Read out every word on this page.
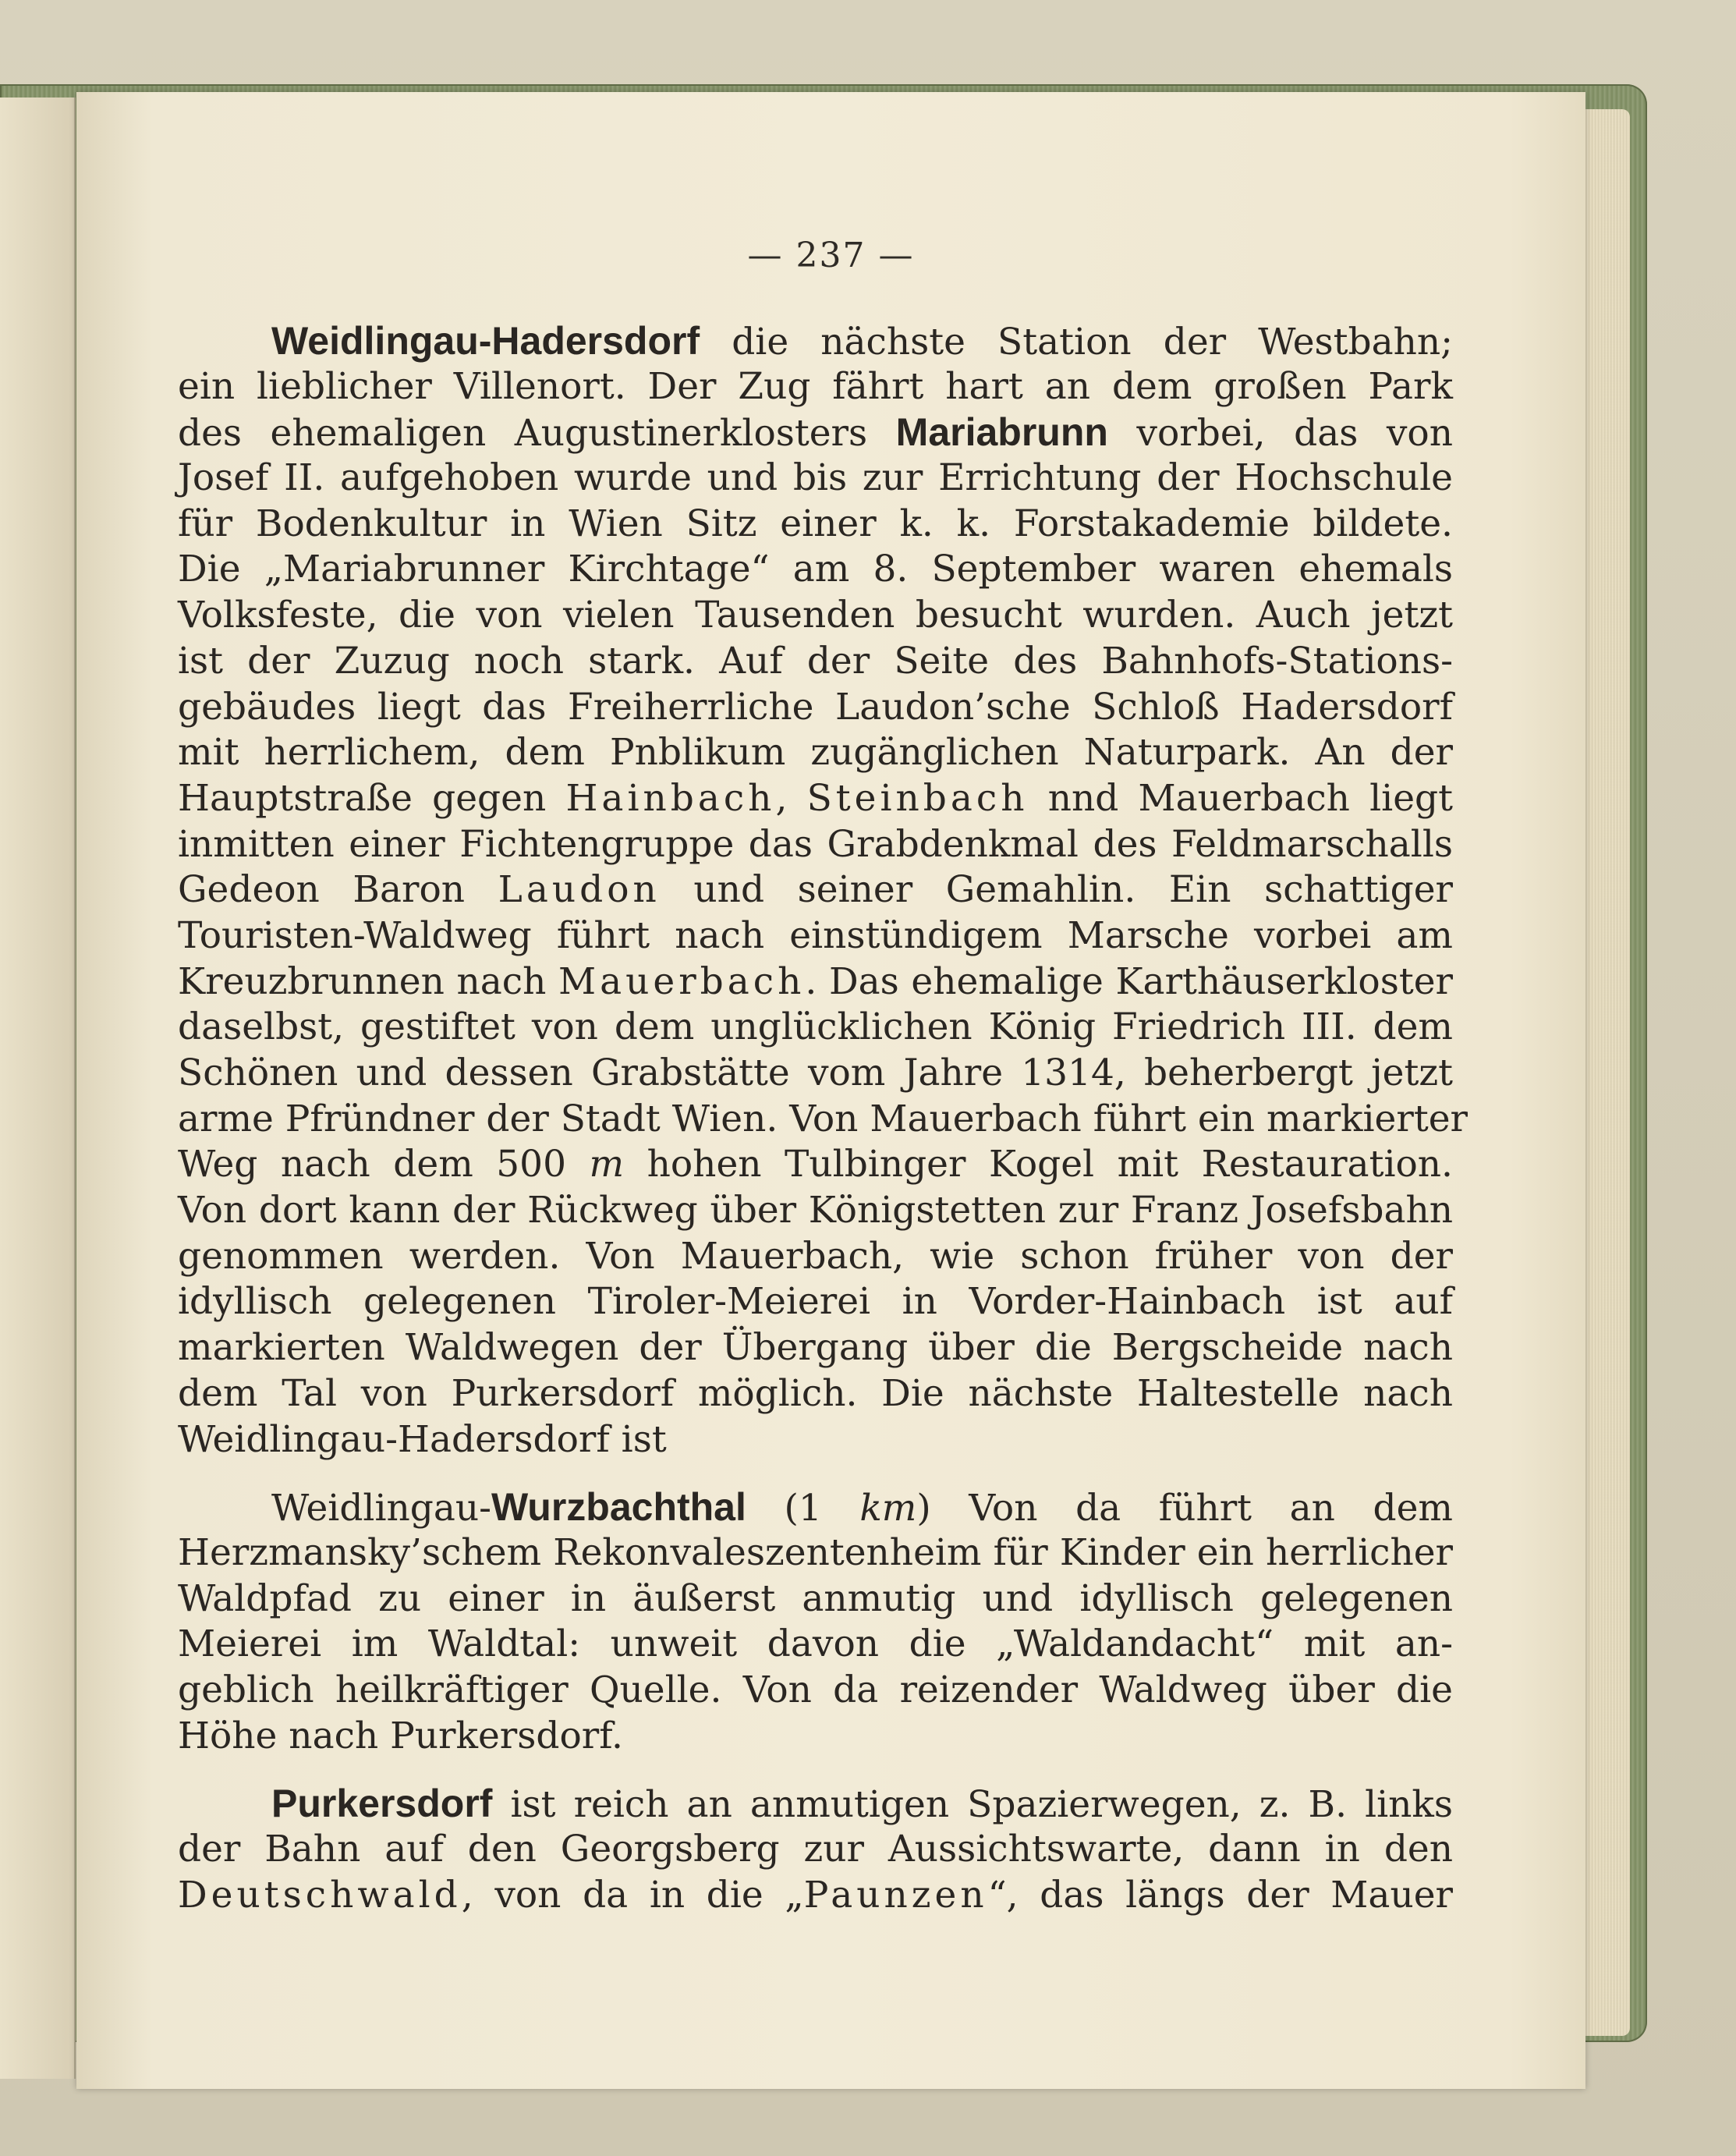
— 237 —
Weidlingau-Hadersdorf die nächste Station der Westbahn;
ein lieblicher Villenort. Der Zug fährt hart an dem großen Park
des ehemaligen Augustinerklosters Mariabrunn vorbei, das von
Josef II. aufgehoben wurde und bis zur Errichtung der Hochschule
für Bodenkultur in Wien Sitz einer k. k. Forstakademie bildete.
Die „Mariabrunner Kirchtage“ am 8. September waren ehemals
Volksfeste, die von vielen Tausenden besucht wurden. Auch jetzt
ist der Zuzug noch stark. Auf der Seite des Bahnhofs-Stations-
gebäudes liegt das Freiherrliche Laudon’sche Schloß Hadersdorf
mit herrlichem, dem Pnblikum zugänglichen Naturpark. An der
Hauptstraße gegen Hainbach, Steinbach nnd Mauerbach liegt
inmitten einer Fichtengruppe das Grabdenkmal des Feldmarschalls
Gedeon Baron Laudon und seiner Gemahlin. Ein schattiger
Touristen-Waldweg führt nach einstündigem Marsche vorbei am
Kreuzbrunnen nach Mauerbach. Das ehemalige Karthäuserkloster
daselbst, gestiftet von dem unglücklichen König Friedrich III. dem
Schönen und dessen Grabstätte vom Jahre 1314, beherbergt jetzt
arme Pfründner der Stadt Wien. Von Mauerbach führt ein markierter
Weg nach dem 500 m hohen Tulbinger Kogel mit Restauration.
Von dort kann der Rückweg über Königstetten zur Franz Josefsbahn
genommen werden. Von Mauerbach, wie schon früher von der
idyllisch gelegenen Tiroler-Meierei in Vorder-Hainbach ist auf
markierten Waldwegen der Übergang über die Bergscheide nach
dem Tal von Purkersdorf möglich. Die nächste Haltestelle nach
Weidlingau-Hadersdorf ist
Weidlingau-Wurzbachthal (1 km) Von da führt an dem
Herzmansky’schem Rekonvaleszentenheim für Kinder ein herrlicher
Waldpfad zu einer in äußerst anmutig und idyllisch gelegenen
Meierei im Waldtal: unweit davon die „Waldandacht“ mit an-
geblich heilkräftiger Quelle. Von da reizender Waldweg über die
Höhe nach Purkersdorf.
Purkersdorf ist reich an anmutigen Spazierwegen, z. B. links
der Bahn auf den Georgsberg zur Aussichtswarte, dann in den
Deutschwald, von da in die „Paunzen“, das längs der Mauer
